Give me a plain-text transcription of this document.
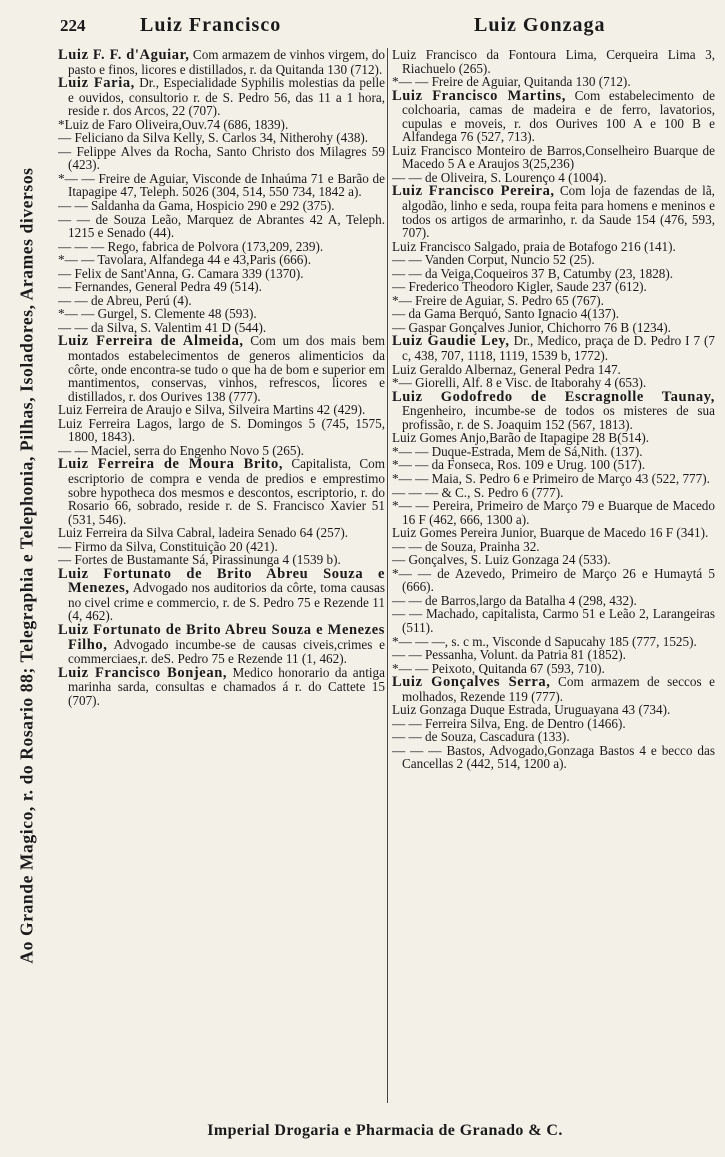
224	Luiz Francisco	Luiz Gonzaga
Ao Grande Magico, r. do Rosario 88; Telegraphia e Telephonia, Pilhas, Isoladores, Arames diversos

Luiz F. F. d'Aguiar, Com armazem de vinhos virgem, do pasto e finos, licores e distillados, r. da Quitanda 130 (712).

Luiz Faria, Dr., Especialidade Syphilis molestias da pelle e ouvidos, consultorio r. de S. Pedro 56, das 11 a 1 hora, reside r. dos Arcos, 22 (707).

*Luiz de Faro Oliveira,Ouv.74 (686, 1839).

— Feliciano da Silva Kelly, S. Carlos 34, Nitherohy (438).

— Felippe Alves da Rocha, Santo Christo dos Milagres 59 (423).

*— — Freire de Aguiar, Visconde de Inhaúma 71 e Barão de Itapagipe 47, Teleph. 5026 (304, 514, 550 734, 1842 a).

— — Saldanha da Gama, Hospicio 290 e 292 (375).

— — de Souza Leão, Marquez de Abrantes 42 A, Teleph. 1215 e Senado (44).

— — — Rego, fabrica de Polvora (173,209, 239).

*— — Tavolara, Alfandega 44 e 43,Paris (666).

— Felix de Sant'Anna, G. Camara 339 (1370).

— Fernandes, General Pedra 49 (514).

— — de Abreu, Perú (4).

*— — Gurgel, S. Clemente 48 (593).

— — da Silva, S. Valentim 41 D (544).

Luiz Ferreira de Almeida, Com um dos mais bem montados estabelecimentos de generos alimenticios da côrte, onde encontra-se tudo o que ha de bom e superior em mantimentos, conservas, vinhos, refrescos, licores e distillados, r. dos Ourives 138 (777).

Luiz Ferreira de Araujo e Silva, Silveira Martins 42 (429).

Luiz Ferreira Lagos, largo de S. Domingos 5 (745, 1575, 1800, 1843).

— — Maciel, serra do Engenho Novo 5 (265).

Luiz Ferreira de Moura Brito, Capitalista, Com escriptorio de compra e venda de predios e emprestimo sobre hypotheca dos mesmos e descontos, escriptorio, r. do Rosario 66, sobrado, reside r. de S. Francisco Xavier 51 (531, 546).

Luiz Ferreira da Silva Cabral, ladeira Senado 64 (257).

— Firmo da Silva, Constituição 20 (421).

— Fortes de Bustamante Sá, Pirassinunga 4 (1539 b).

Luiz Fortunato de Brito Abreu Souza e Menezes, Advogado nos auditorios da côrte, toma causas no civel crime e commercio, r. de S. Pedro 75 e Rezende 11 (4, 462).

Luiz Fortunato de Brito Abreu Souza e Menezes Filho, Advogado incumbe-se de causas civeis,crimes e commerciaes,r. deS. Pedro 75 e Rezende 11 (1, 462).

Luiz Francisco Bonjean, Medico honorario da antiga marinha sarda, consultas e chamados á r. do Cattete 15 (707).

Luiz Francisco da Fontoura Lima, Cerqueira Lima 3, Riachuelo (265).

*— — Freire de Aguiar, Quitanda 130 (712).

Luiz Francisco Martins, Com estabelecimento de colchoaria, camas de madeira e de ferro, lavatorios, cupulas e moveis, r. dos Ourives 100 A e 100 B e Alfandega 76 (527, 713).

Luiz Francisco Monteiro de Barros,Conselheiro Buarque de Macedo 5 A e Araujos 3(25,236)

— — de Oliveira, S. Lourenço 4 (1004).

Luiz Francisco Pereira, Com loja de fazendas de lã, algodão, linho e seda, roupa feita para homens e meninos e todos os artigos de armarinho, r. da Saude 154 (476, 593, 707).

Luiz Francisco Salgado, praia de Botafogo 216 (141).

— — Vanden Corput, Nuncio 52 (25).

— — da Veiga,Coqueiros 37 B, Catumby (23, 1828).

— Frederico Theodoro Kigler, Saude 237 (612).

*— Freire de Aguiar, S. Pedro 65 (767).

— da Gama Berquó, Santo Ignacio 4(137).

— Gaspar Gonçalves Junior, Chichorro 76 B (1234).

Luiz Gaudie Ley, Dr., Medico, praça de D. Pedro I 7 (7 c, 438, 707, 1118, 1119, 1539 b, 1772).

Luiz Geraldo Albernaz, General Pedra 147.

*— Giorelli, Alf. 8 e Visc. de Itaborahy 4 (653).

Luiz Godofredo de Escragnolle Taunay, Engenheiro, incumbe-se de todos os misteres de sua profissão, r. de S. Joaquim 152 (567, 1813).

Luiz Gomes Anjo,Barão de Itapagipe 28 B(514).

*— — Duque-Estrada, Mem de Sá,Nith. (137).

*— — da Fonseca, Ros. 109 e Urug. 100 (517).

*— — Maia, S. Pedro 6 e Primeiro de Março 43 (522, 777).

— — — & C., S. Pedro 6 (777).

*— — Pereira, Primeiro de Março 79 e Buarque de Macedo 16 F (462, 666, 1300 a).

Luiz Gomes Pereira Junior, Buarque de Macedo 16 F (341).

— — de Souza, Prainha 32.

— Gonçalves, S. Luiz Gonzaga 24 (533).

*— — de Azevedo, Primeiro de Março 26 e Humaytá 5 (666).

— — de Barros,largo da Batalha 4 (298, 432).

— — Machado, capitalista, Carmo 51 e Leão 2, Larangeiras (511).

*— — —, s. c m., Visconde d Sapucahy 185 (777, 1525).

— — Pessanha, Volunt. da Patria 81 (1852).

*— — Peixoto, Quitanda 67 (593, 710).

Luiz Gonçalves Serra, Com armazem de seccos e molhados, Rezende 119 (777).

Luiz Gonzaga Duque Estrada, Uruguayana 43 (734).

— — Ferreira Silva, Eng. de Dentro (1466).

— — de Souza, Cascadura (133).

— — — Bastos, Advogado,Gonzaga Bastos 4 e becco das Cancellas 2 (442, 514, 1200 a).

Imperial Drogaria e Pharmacia de Granado & C.
